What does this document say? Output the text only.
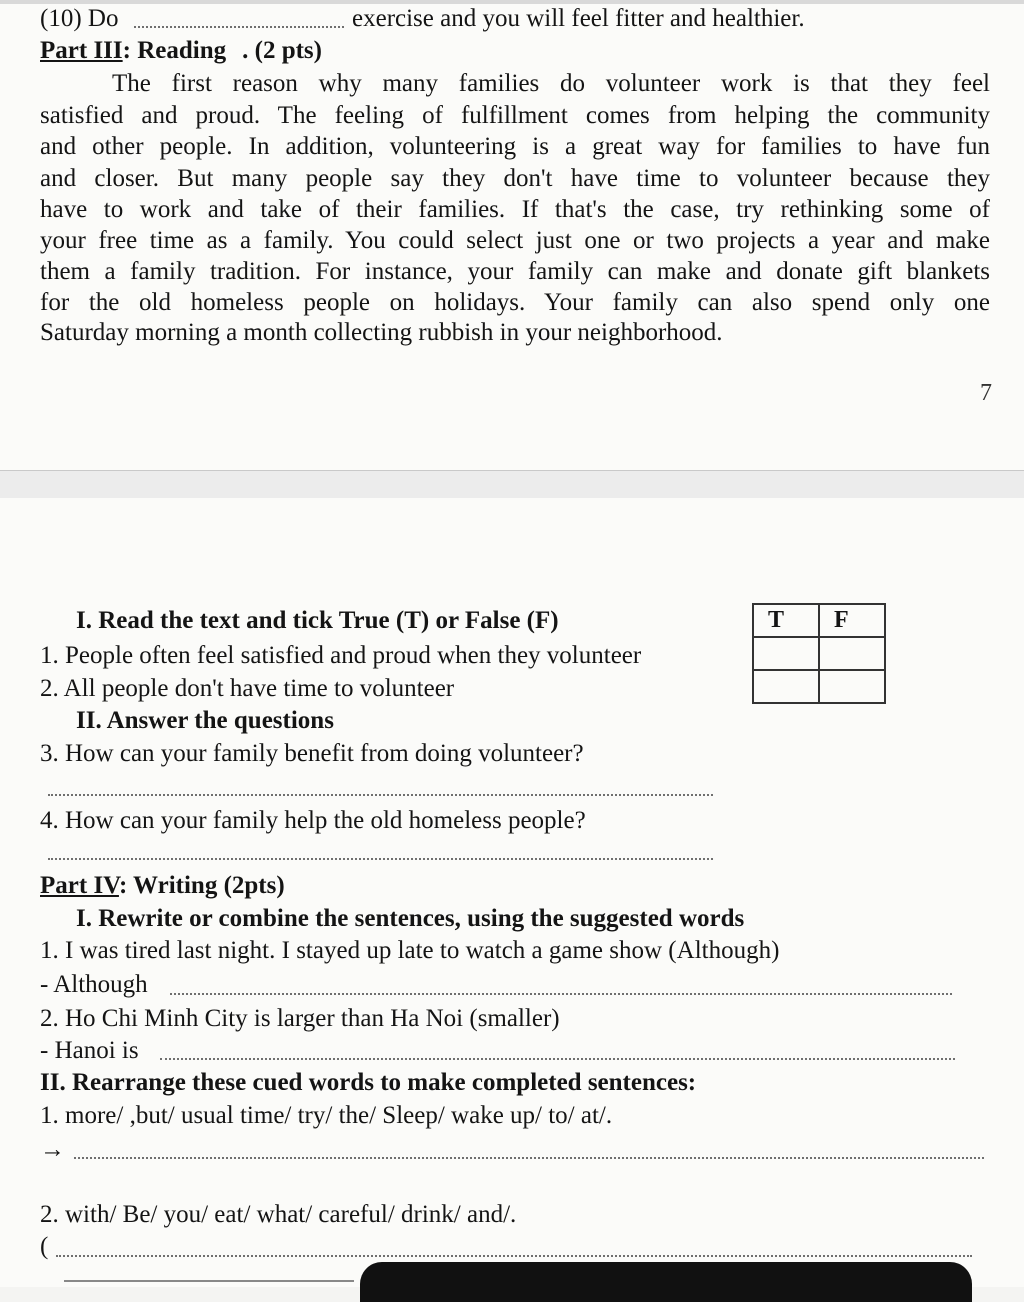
(10) Do	exercise and you will feel fitter and healthier.
Part III: Reading . (2 pts)
The first reason why many families do volunteer work is that they feel
satisfied and proud. The feeling of fulfillment comes from helping the community
and other people. In addition, volunteering is a great way for families to have fun
and closer. But many people say they don't have time to volunteer because they
have to work and take of their families. If that's the case, try rethinking some of
your free time as a family. You could select just one or two projects a year and make
them a family tradition. For instance, your family can make and donate gift blankets
for the old homeless people on holidays. Your family can also spend only one
Saturday morning a month collecting rubbish in your neighborhood.
7
I. Read the text and tick True (T) or False (F)	T	F

1. People often feel satisfied and proud when they volunteer
2. All people don't have time to volunteer
II. Answer the questions
3. How can your family benefit from doing volunteer?
4. How can your family help the old homeless people?
Part IV: Writing (2pts)
I. Rewrite or combine the sentences, using the suggested words
1. I was tired last night. I stayed up late to watch a game show (Although)
- Although
2. Ho Chi Minh City is larger than Ha Noi (smaller)
- Hanoi is
II. Rearrange these cued words to make completed sentences:
1. more/ ,but/ usual time/ try/ the/ Sleep/ wake up/ to/ at/.
→
2. with/ Be/ you/ eat/ what/ careful/ drink/ and/.
(
